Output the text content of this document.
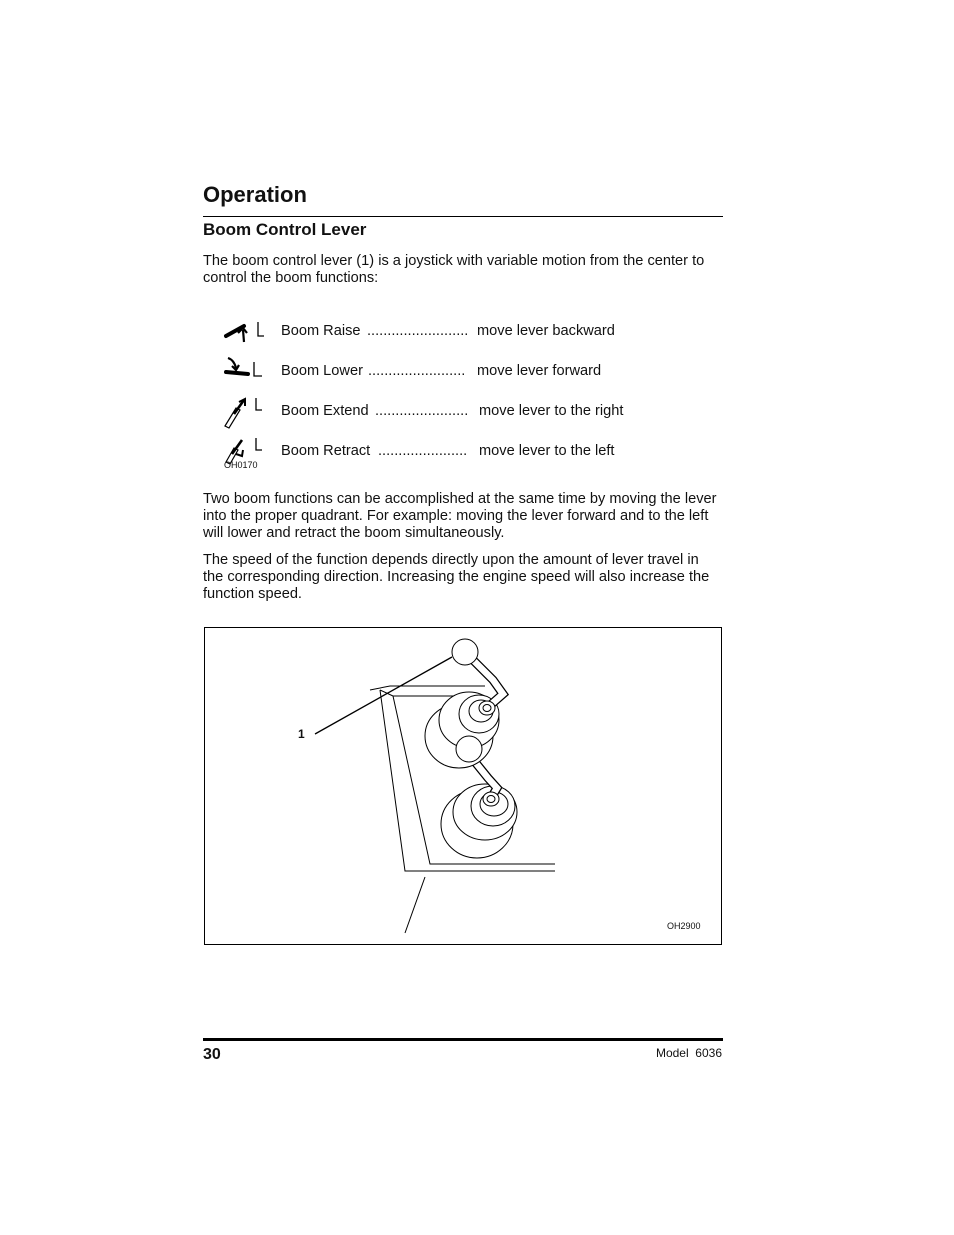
Operation
Boom Control Lever

The boom control lever (1) is a joystick with variable motion from the center to control the boom functions:

Boom Raise ......................... move lever backward
Boom Lower ........................ move lever forward
Boom Extend ....................... move lever to the right
Boom Retract ...................... move lever to the left
OH0170

Two boom functions can be accomplished at the same time by moving the lever into the proper quadrant. For example: moving the lever forward and to the left will lower and retract the boom simultaneously.

The speed of the function depends directly upon the amount of lever travel in the corresponding direction. Increasing the engine speed will also increase the function speed.

1
OH2900
30	Model  6036
